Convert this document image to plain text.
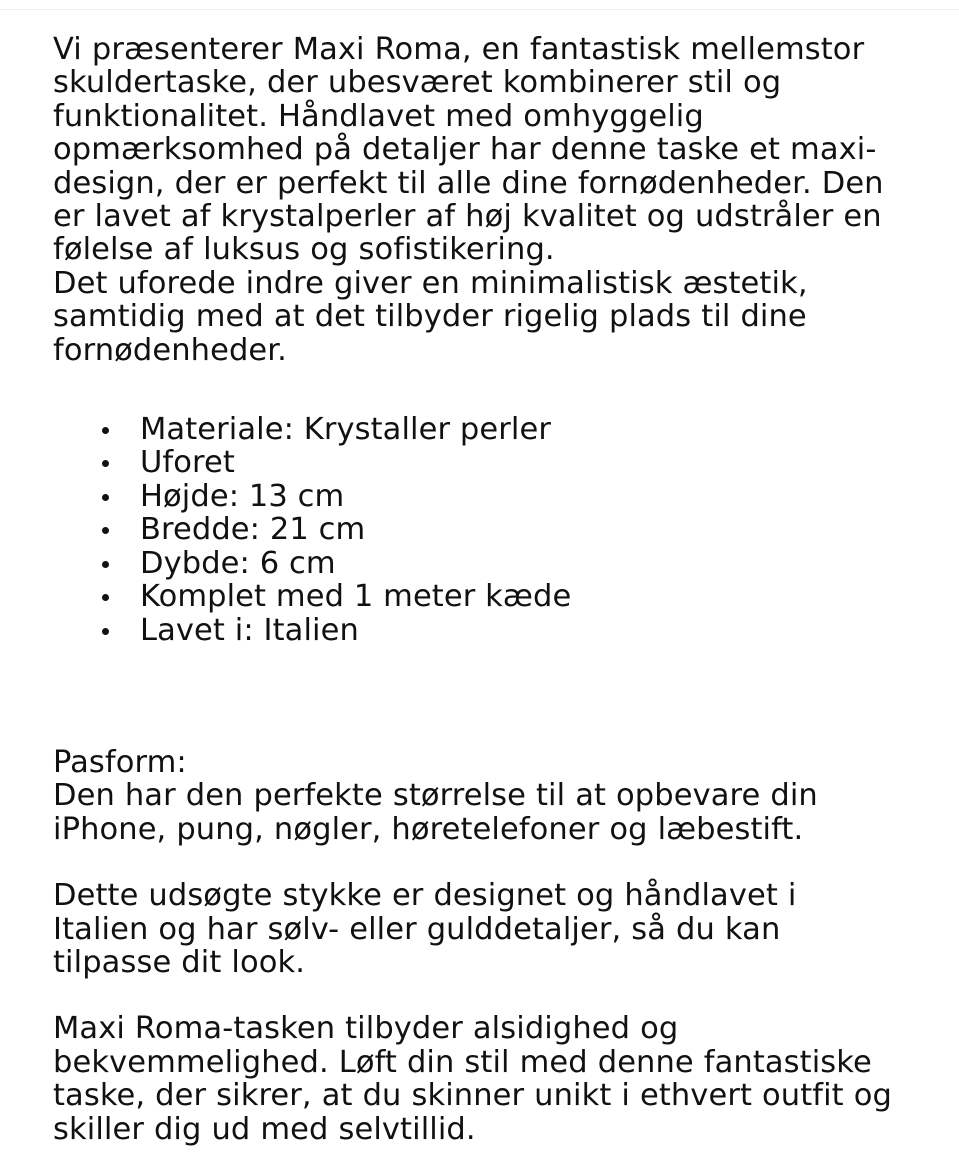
Vi præsenterer Maxi Roma, en fantastisk mellemstor skuldertaske, der ubesværet kombinerer stil og funktionalitet. Håndlavet med omhyggelig opmærksomhed på detaljer har denne taske et maxi-design, der er perfekt til alle dine fornødenheder. Den er lavet af krystalperler af høj kvalitet og udstråler en følelse af luksus og sofistikering.

Det uforede indre giver en minimalistisk æstetik, samtidig med at det tilbyder rigelig plads til dine fornødenheder.

Materiale: Krystaller perler
Uforet
Højde: 13 cm
Bredde: 21 cm
Dybde: 6 cm
Komplet med 1 meter kæde
Lavet i: Italien

Pasform:

Den har den perfekte størrelse til at opbevare din iPhone, pung, nøgler, høretelefoner og læbestift.

Dette udsøgte stykke er designet og håndlavet i Italien og har sølv- eller gulddetaljer, så du kan tilpasse dit look.

Maxi Roma-tasken tilbyder alsidighed og bekvemmelighed. Løft din stil med denne fantastiske taske, der sikrer, at du skinner unikt i ethvert outfit og skiller dig ud med selvtillid.
